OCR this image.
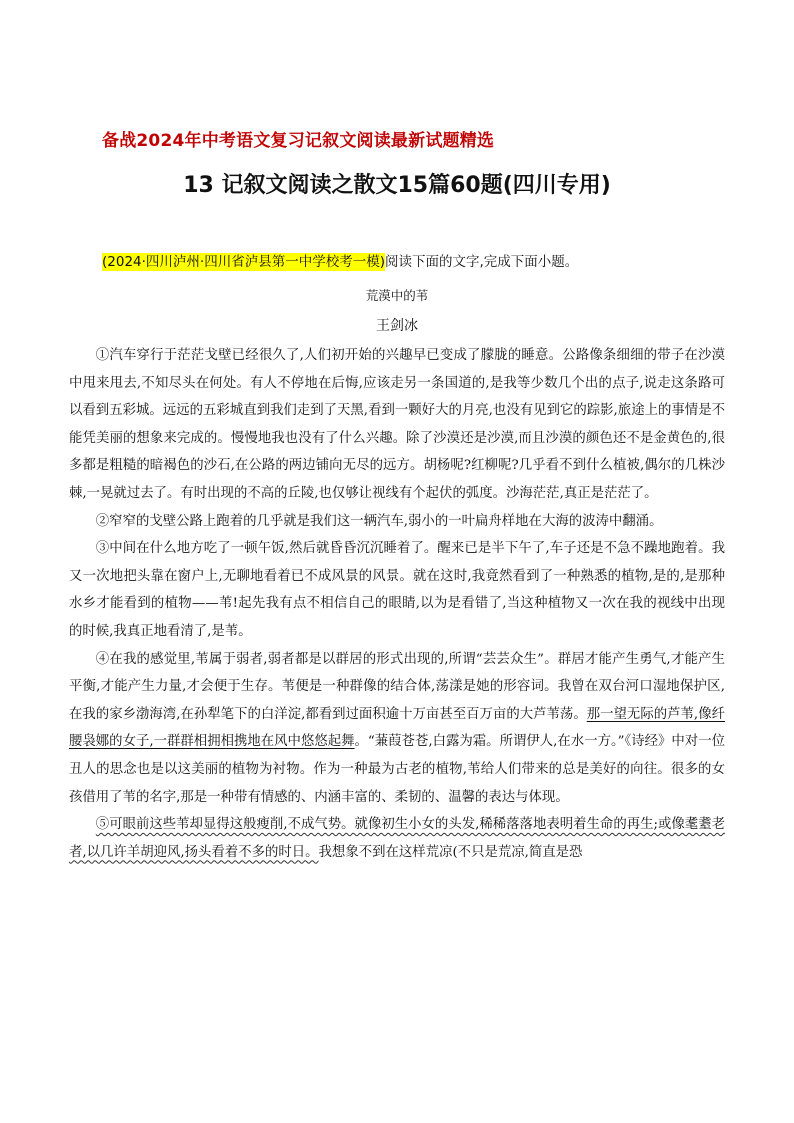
备战2024年中考语文复习记叙文阅读最新试题精选
13 记叙文阅读之散文15篇60题(四川专用)
(2024·四川泸州·四川省泸县第一中学校考一模)阅读下面的文字,完成下面小题。
荒漠中的苇
王剑冰

①汽车穿行于茫茫戈壁已经很久了,人们初开始的兴趣早已变成了朦胧的睡意。公路像条细细的带子在沙漠中甩来甩去,不知尽头在何处。有人不停地在后悔,应该走另一条国道的,是我等少数几个出的点子,说走这条路可以看到五彩城。远远的五彩城直到我们走到了天黑,看到一颗好大的月亮,也没有见到它的踪影,旅途上的事情是不能凭美丽的想象来完成的。慢慢地我也没有了什么兴趣。除了沙漠还是沙漠,而且沙漠的颜色还不是金黄色的,很多都是粗糙的暗褐色的沙石,在公路的两边铺向无尽的远方。胡杨呢?红柳呢?几乎看不到什么植被,偶尔的几株沙棘,一晃就过去了。有时出现的不高的丘陵,也仅够让视线有个起伏的弧度。沙海茫茫,真正是茫茫了。

②窄窄的戈壁公路上跑着的几乎就是我们这一辆汽车,弱小的一叶扁舟样地在大海的波涛中翻涌。

③中间在什么地方吃了一顿午饭,然后就昏昏沉沉睡着了。醒来已是半下午了,车子还是不急不躁地跑着。我又一次地把头靠在窗户上,无聊地看着已不成风景的风景。就在这时,我竟然看到了一种熟悉的植物,是的,是那种水乡才能看到的植物——苇!起先我有点不相信自己的眼睛,以为是看错了,当这种植物又一次在我的视线中出现的时候,我真正地看清了,是苇。

④在我的感觉里,苇属于弱者,弱者都是以群居的形式出现的,所谓“芸芸众生”。群居才能产生勇气,才能产生平衡,才能产生力量,才会便于生存。苇便是一种群像的结合体,荡漾是她的形容词。我曾在双台河口湿地保护区,在我的家乡渤海湾,在孙犁笔下的白洋淀,都看到过面积逾十万亩甚至百万亩的大芦苇荡。那一望无际的芦苇,像纤腰袅娜的女子,一群群相拥相携地在风中悠悠起舞。“蒹葭苍苍,白露为霜。所谓伊人,在水一方。”《诗经》中对一位丑人的思念也是以这美丽的植物为衬物。作为一种最为古老的植物,苇给人们带来的总是美好的向往。很多的女孩借用了苇的名字,那是一种带有情感的、内涵丰富的、柔韧的、温馨的表达与体现。

⑤可眼前这些苇却显得这般瘦削,不成气势。就像初生小女的头发,稀稀落落地表明着生命的再生;或像耄耋老者,以几许羊胡迎风,扬头看着不多的时日。我想象不到在这样荒凉(不只是荒凉,简直是恐
